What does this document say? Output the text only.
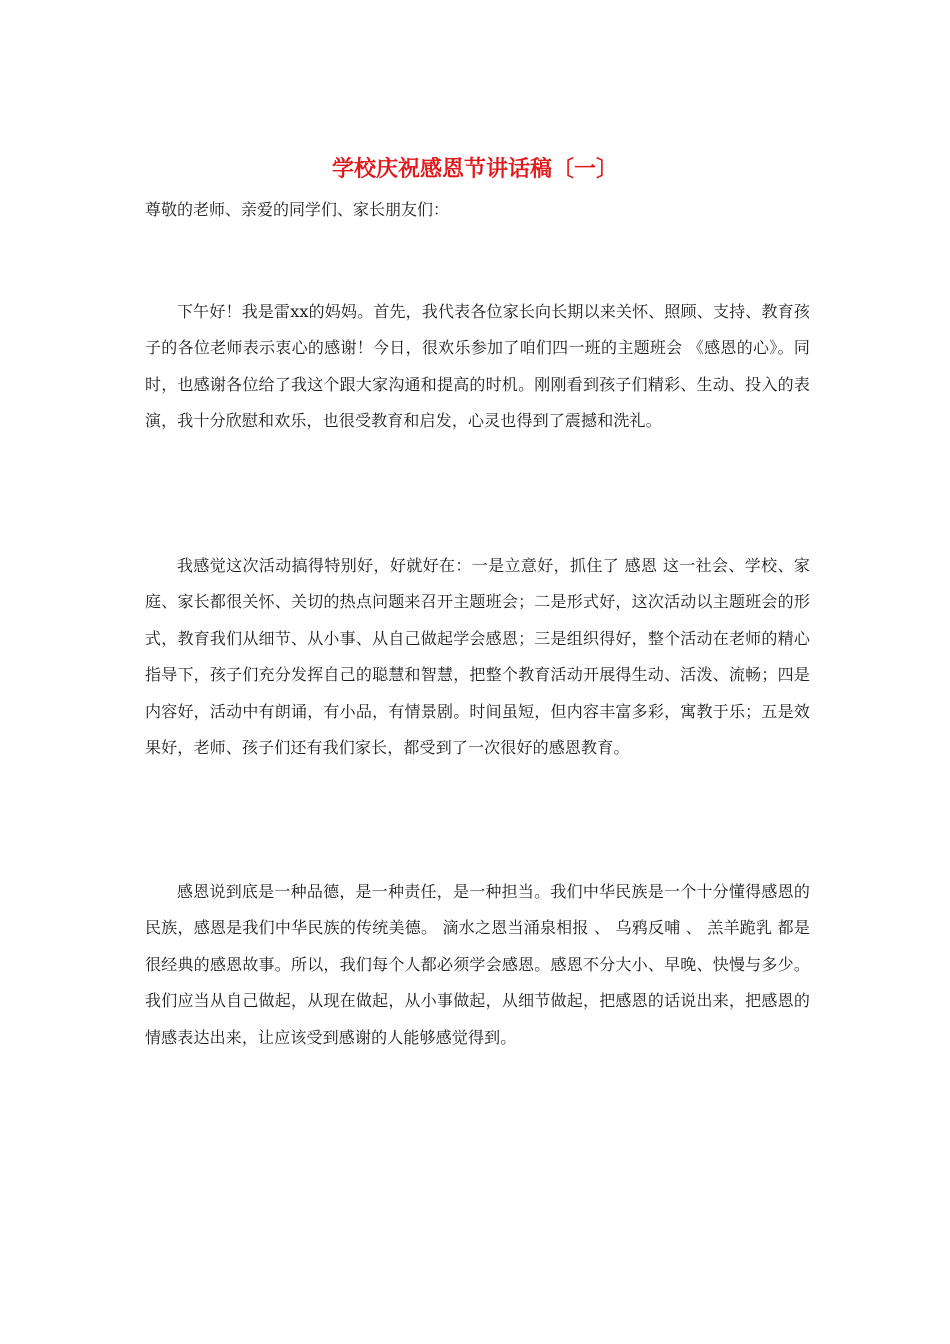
学校庆祝感恩节讲话稿〔一〕

尊敬的老师、亲爱的同学们、家长朋友们：

下午好！我是雷xx的妈妈。首先，我代表各位家长向长期以来关怀、照顾、支持、教育孩子的各位老师表示衷心的感谢！今日，很欢乐参加了咱们四一班的主题班会 《感恩的心》。同时，也感谢各位给了我这个跟大家沟通和提高的时机。刚刚看到孩子们精彩、生动、投入的表演，我十分欣慰和欢乐，也很受教育和启发，心灵也得到了震撼和洗礼。

我感觉这次活动搞得特别好，好就好在：一是立意好，抓住了 感恩 这一社会、学校、家庭、家长都很关怀、关切的热点问题来召开主题班会；二是形式好，这次活动以主题班会的形式，教育我们从细节、从小事、从自己做起学会感恩；三是组织得好，整个活动在老师的精心指导下，孩子们充分发挥自己的聪慧和智慧，把整个教育活动开展得生动、活泼、流畅；四是内容好，活动中有朗诵，有小品，有情景剧。时间虽短，但内容丰富多彩，寓教于乐；五是效果好，老师、孩子们还有我们家长，都受到了一次很好的感恩教育。

感恩说到底是一种品德，是一种责任，是一种担当。我们中华民族是一个十分懂得感恩的民族，感恩是我们中华民族的传统美德。 滴水之恩当涌泉相报 、 乌鸦反哺 、 羔羊跪乳 都是很经典的感恩故事。所以，我们每个人都必须学会感恩。感恩不分大小、早晚、快慢与多少。我们应当从自己做起，从现在做起，从小事做起，从细节做起，把感恩的话说出来，把感恩的情感表达出来，让应该受到感谢的人能够感觉得到。
